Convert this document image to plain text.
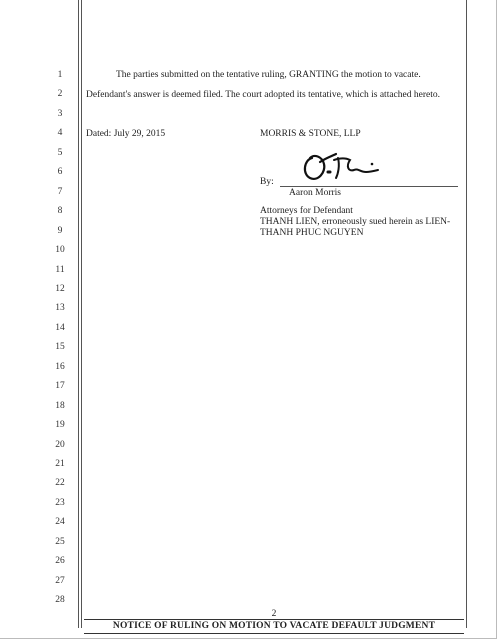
1
2
3
4
5
6
7
8
9
10
11
12
13
14
15
16
17
18
19
20
21
22
23
24
25
26
27
28
The parties submitted on the tentative ruling, GRANTING the motion to vacate.
Defendant's answer is deemed filed. The court adopted its tentative, which is attached hereto.
Dated: July 29, 2015	MORRIS & STONE, LLP
By:
Aaron Morris
Attorneys for Defendant
THANH LIEN, erroneously sued herein as LIEN-
THANH PHUC NGUYEN
2
NOTICE OF RULING ON MOTION TO VACATE DEFAULT JUDGMENT
